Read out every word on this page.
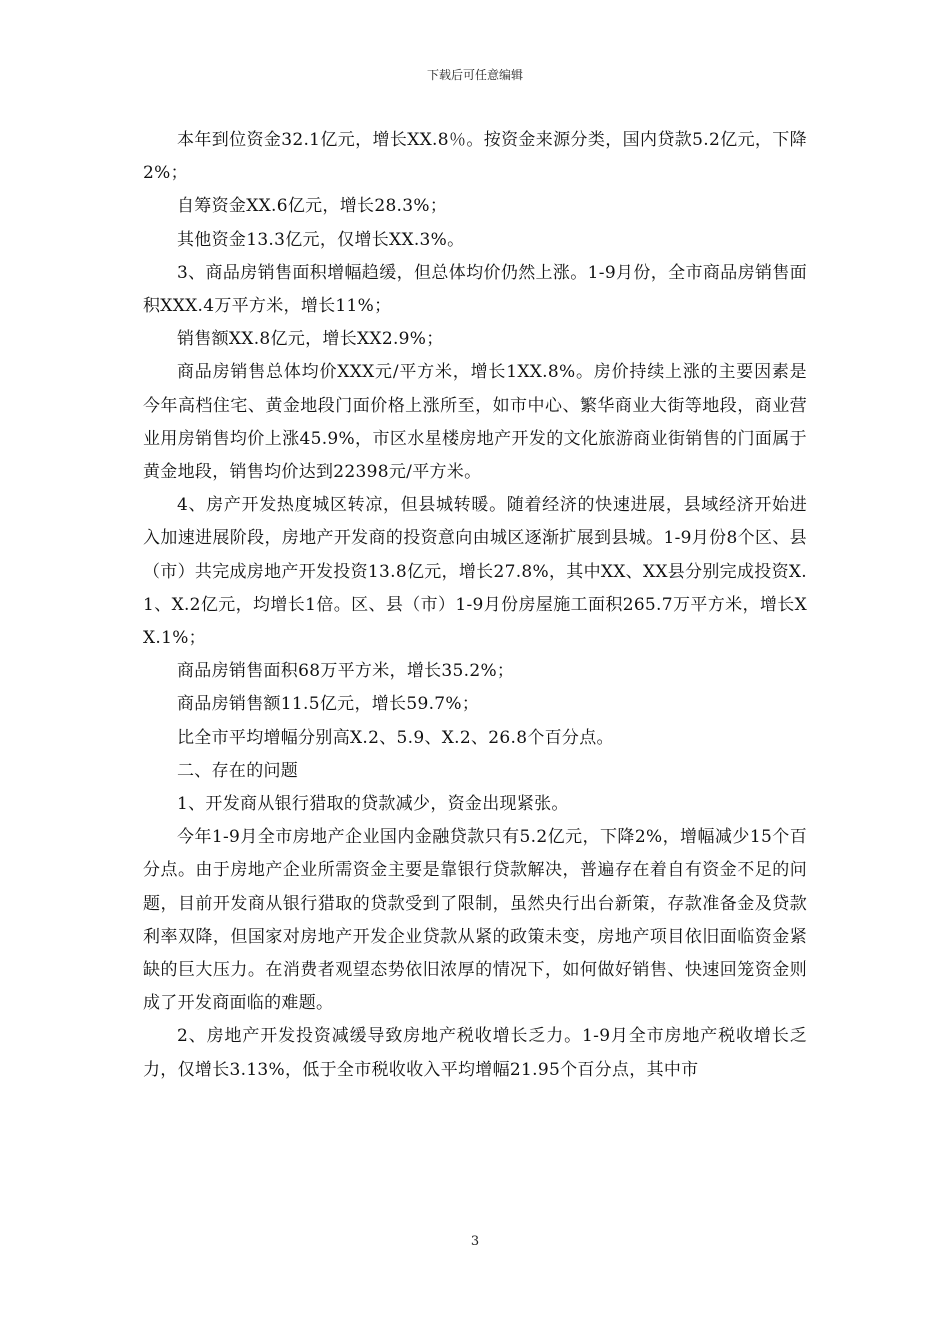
下载后可任意编辑

本年到位资金32.1亿元，增长XX.8％。按资金来源分类，国内贷款5.2亿元，下降2%；

自筹资金XX.6亿元，增长28.3%；

其他资金13.3亿元，仅增长XX.3%。

3、商品房销售面积增幅趋缓，但总体均价仍然上涨。1-9月份，全市商品房销售面积XXX.4万平方米，增长11%；

销售额XX.8亿元，增长XX2.9%；

商品房销售总体均价XXX元/平方米，增长1XX.8%。房价持续上涨的主要因素是今年高档住宅、黄金地段门面价格上涨所至，如市中心、繁华商业大街等地段，商业营业用房销售均价上涨45.9%，市区水星楼房地产开发的文化旅游商业街销售的门面属于黄金地段，销售均价达到22398元/平方米。

4、房产开发热度城区转凉，但县城转暖。随着经济的快速进展，县域经济开始进入加速进展阶段，房地产开发商的投资意向由城区逐渐扩展到县城。1-9月份8个区、县（市）共完成房地产开发投资13.8亿元，增长27.8%，其中XX、XX县分别完成投资X.1、X.2亿元，均增长1倍。区、县（市）1-9月份房屋施工面积265.7万平方米，增长XX.1%；

商品房销售面积68万平方米，增长35.2%；

商品房销售额11.5亿元，增长59.7%；

比全市平均增幅分别高X.2、5.9、X.2、26.8个百分点。

二、存在的问题

1、开发商从银行猎取的贷款减少，资金出现紧张。

今年1-9月全市房地产企业国内金融贷款只有5.2亿元，下降2%，增幅减少15个百分点。由于房地产企业所需资金主要是靠银行贷款解决，普遍存在着自有资金不足的问题，目前开发商从银行猎取的贷款受到了限制，虽然央行出台新策，存款准备金及贷款利率双降，但国家对房地产开发企业贷款从紧的政策未变，房地产项目依旧面临资金紧缺的巨大压力。在消费者观望态势依旧浓厚的情况下，如何做好销售、快速回笼资金则成了开发商面临的难题。

2、房地产开发投资减缓导致房地产税收增长乏力。1-9月全市房地产税收增长乏力，仅增长3.13%，低于全市税收收入平均增幅21.95个百分点，其中市

3
